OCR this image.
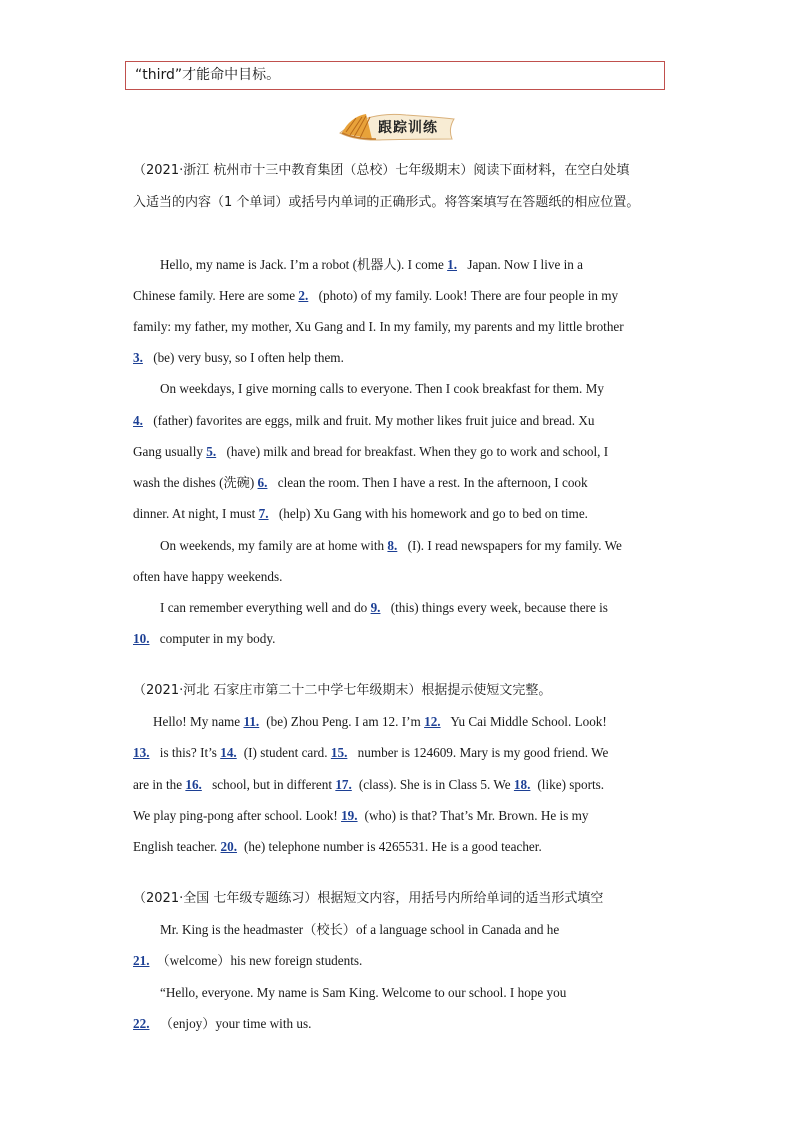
“third”才能命中目标。
跟踪训练
（2021·浙江 杭州市十三中教育集团（总校）七年级期末）阅读下面材料，在空白处填
入适当的内容（1 个单词）或括号内单词的正确形式。将答案填写在答题纸的相应位置。
Hello, my name is Jack. I’m a robot (机器人). I come 1. Japan. Now I live in a
Chinese family. Here are some 2. (photo) of my family. Look! There are four people in my
family: my father, my mother, Xu Gang and I. In my family, my parents and my little brother
3. (be) very busy, so I often help them.
On weekdays, I give morning calls to everyone. Then I cook breakfast for them. My
4. (father) favorites are eggs, milk and fruit. My mother likes fruit juice and bread. Xu
Gang usually 5. (have) milk and bread for breakfast. When they go to work and school, I
wash the dishes (洗碗) 6. clean the room. Then I have a rest. In the afternoon, I cook
dinner. At night, I must 7. (help) Xu Gang with his homework and go to bed on time.
On weekends, my family are at home with 8. (I). I read newspapers for my family. We
often have happy weekends.
I can remember everything well and do 9. (this) things every week, because there is
10. computer in my body.
（2021·河北 石家庄市第二十二中学七年级期末）根据提示使短文完整。
Hello! My name 11. (be) Zhou Peng. I am 12. I’m 12. Yu Cai Middle School. Look!
13. is this? It’s 14. (I) student card. 15. number is 124609. Mary is my good friend. We
are in the 16. school, but in different 17. (class). She is in Class 5. We 18. (like) sports.
We play ping-pong after school. Look! 19. (who) is that? That’s Mr. Brown. He is my
English teacher. 20. (he) telephone number is 4265531. He is a good teacher.
（2021·全国 七年级专题练习）根据短文内容，用括号内所给单词的适当形式填空
Mr. King is the headmaster（校长）of a language school in Canada and he
21. （welcome）his new foreign students.
“Hello, everyone. My name is Sam King. Welcome to our school. I hope you
22. （enjoy）your time with us.
